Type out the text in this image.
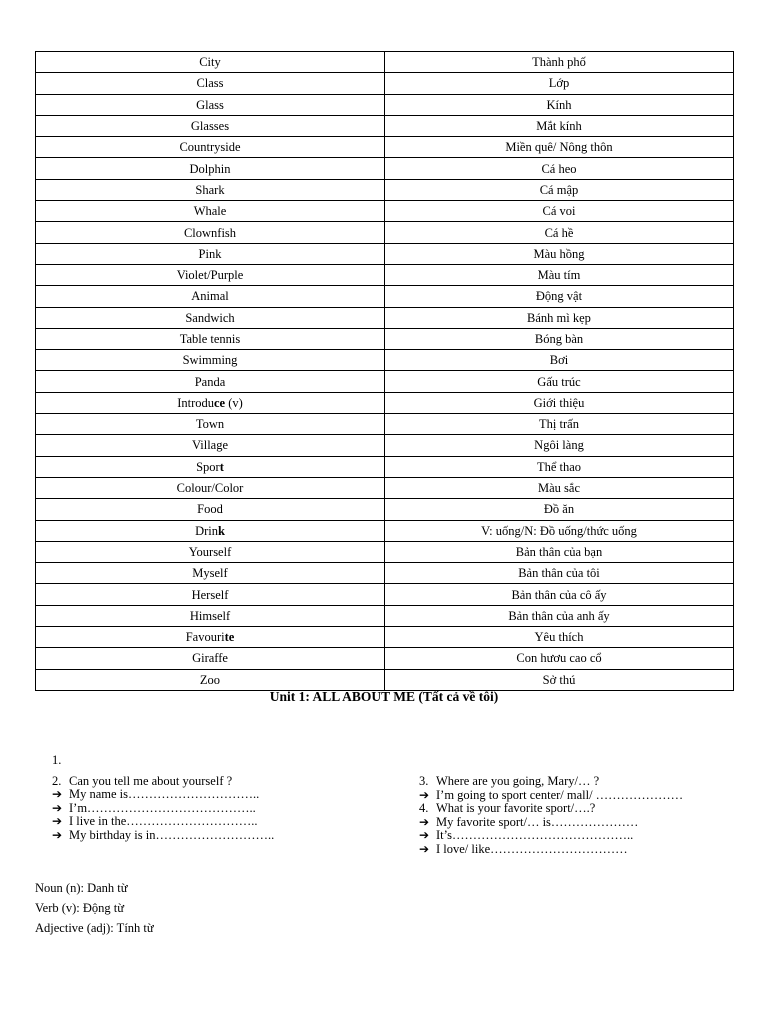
City	Thành phố
Class	Lớp
Glass	Kính
Glasses	Mắt kính
Countryside	Miền quê/ Nông thôn
Dolphin	Cá heo
Shark	Cá mập
Whale	Cá voi
Clownfish	Cá hề
Pink	Màu hồng
Violet/Purple	Màu tím
Animal	Động vật
Sandwich	Bánh mì kẹp
Table tennis	Bóng bàn
Swimming	Bơi
Panda	Gấu trúc
Introduce (v)	Giới thiệu
Town	Thị trấn
Village	Ngôi làng
Sport	Thể thao
Colour/Color	Màu sắc
Food	Đồ ăn
Drink	V: uống/N: Đồ uống/thức uống
Yourself	Bản thân của bạn
Myself	Bản thân của tôi
Herself	Bản thân của cô ấy
Himself	Bản thân của anh ấy
Favourite	Yêu thích
Giraffe	Con hươu cao cổ
Zoo	Sở thú
Unit 1: ALL ABOUT ME (Tất cả về tôi)
1.
2. Can you tell me about yourself ?
➔ My name is…………………………..
➔ I’m…………………………………..
➔ I live in the…………………………..
➔ My birthday is in………………………..
3. Where are you going, Mary/… ?
➔ I’m going to sport center/ mall/ …………………
4. What is your favorite sport/….?
➔ My favorite sport/… is…………………
➔ It’s……………………………………..
➔ I love/ like……………………………
Noun (n): Danh từ
Verb (v): Động từ
Adjective (adj): Tính từ
